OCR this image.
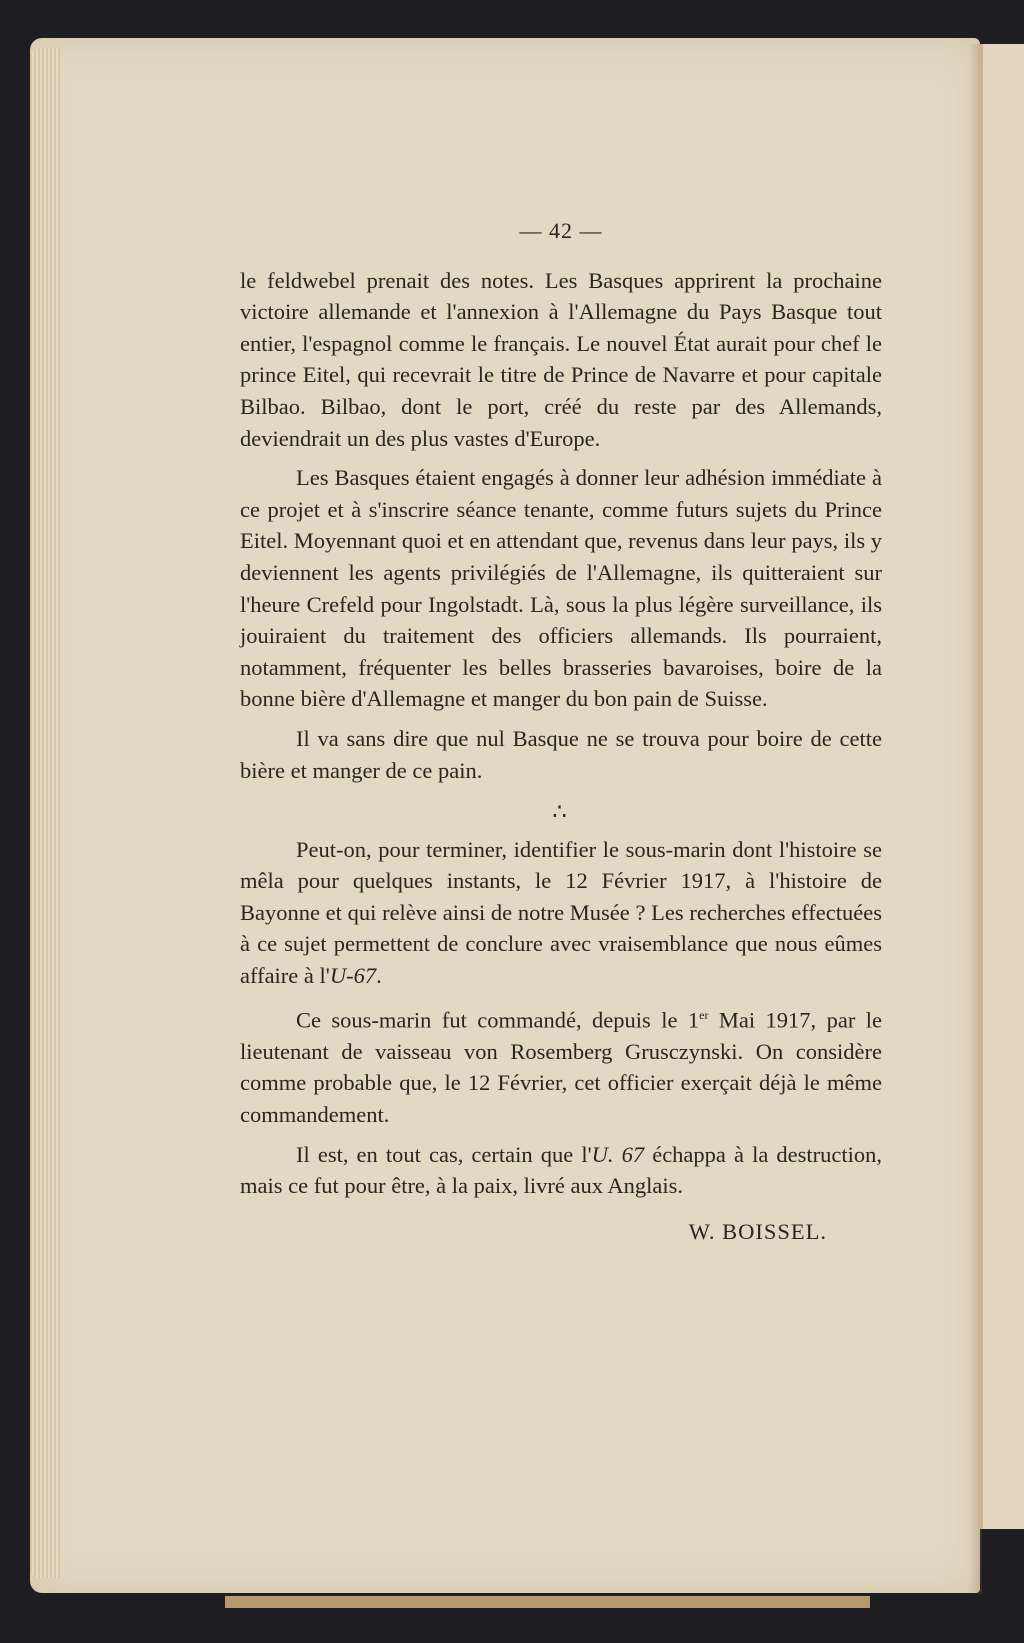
— 42 —

le feldwebel prenait des notes. Les Basques apprirent la prochaine victoire allemande et l'annexion à l'Allemagne du Pays Basque tout entier, l'espagnol comme le français. Le nouvel État aurait pour chef le prince Eitel, qui recevrait le titre de Prince de Navarre et pour capitale Bilbao. Bilbao, dont le port, créé du reste par des Allemands, deviendrait un des plus vastes d'Europe.

Les Basques étaient engagés à donner leur adhésion immédiate à ce projet et à s'inscrire séance tenante, comme futurs sujets du Prince Eitel. Moyennant quoi et en attendant que, revenus dans leur pays, ils y deviennent les agents privilégiés de l'Allemagne, ils quitteraient sur l'heure Crefeld pour Ingolstadt. Là, sous la plus légère surveillance, ils jouiraient du traitement des officiers allemands. Ils pourraient, notamment, fréquenter les belles brasseries bavaroises, boire de la bonne bière d'Allemagne et manger du bon pain de Suisse.

Il va sans dire que nul Basque ne se trouva pour boire de cette bière et manger de ce pain.

∴

Peut-on, pour terminer, identifier le sous-marin dont l'histoire se mêla pour quelques instants, le 12 Février 1917, à l'histoire de Bayonne et qui relève ainsi de notre Musée ? Les recherches effectuées à ce sujet permettent de conclure avec vraisemblance que nous eûmes affaire à l'U-67.

Ce sous-marin fut commandé, depuis le 1er Mai 1917, par le lieutenant de vaisseau von Rosemberg Grusczynski. On considère comme probable que, le 12 Février, cet officier exerçait déjà le même commandement.

Il est, en tout cas, certain que l'U. 67 échappa à la destruction, mais ce fut pour être, à la paix, livré aux Anglais.

W. BOISSEL.
